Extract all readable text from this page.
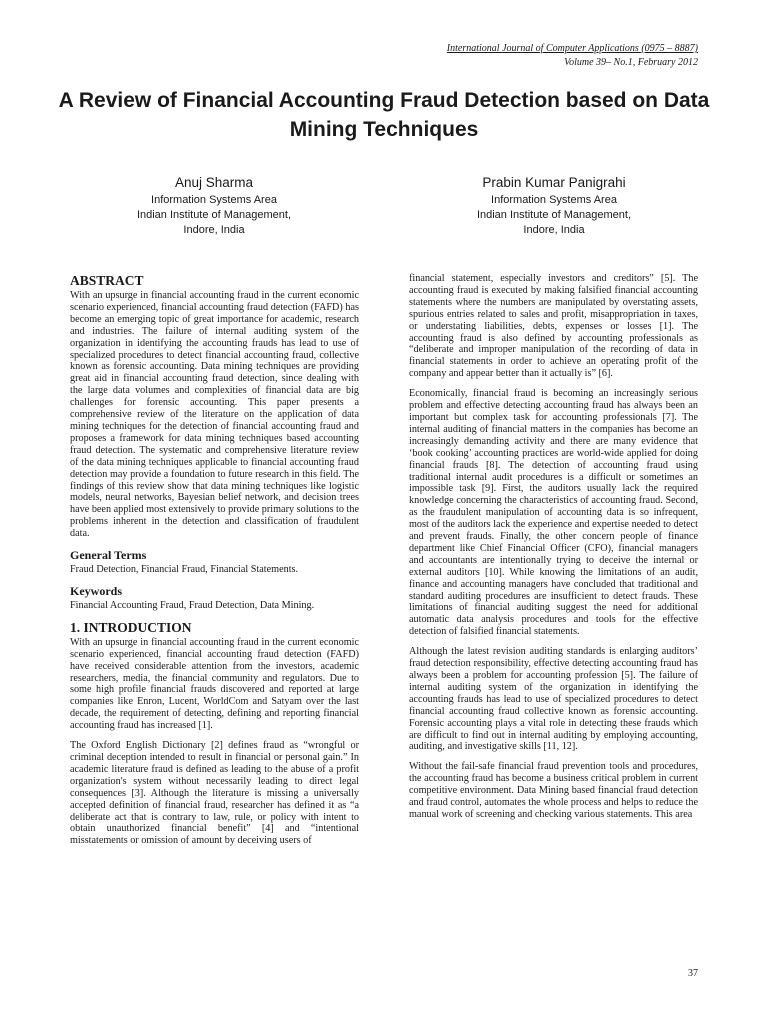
International Journal of Computer Applications (0975 – 8887)
Volume 39– No.1, February 2012
A Review of Financial Accounting Fraud Detection based on Data Mining Techniques
Anuj Sharma
Information Systems Area
Indian Institute of Management,
Indore, India
Prabin Kumar Panigrahi
Information Systems Area
Indian Institute of Management,
Indore, India
ABSTRACT

With an upsurge in financial accounting fraud in the current economic scenario experienced, financial accounting fraud detection (FAFD) has become an emerging topic of great importance for academic, research and industries. The failure of internal auditing system of the organization in identifying the accounting frauds has lead to use of specialized procedures to detect financial accounting fraud, collective known as forensic accounting. Data mining techniques are providing great aid in financial accounting fraud detection, since dealing with the large data volumes and complexities of financial data are big challenges for forensic accounting. This paper presents a comprehensive review of the literature on the application of data mining techniques for the detection of financial accounting fraud and proposes a framework for data mining techniques based accounting fraud detection. The systematic and comprehensive literature review of the data mining techniques applicable to financial accounting fraud detection may provide a foundation to future research in this field. The findings of this review show that data mining techniques like logistic models, neural networks, Bayesian belief network, and decision trees have been applied most extensively to provide primary solutions to the problems inherent in the detection and classification of fraudulent data.

General Terms

Fraud Detection, Financial Fraud, Financial Statements.

Keywords

Financial Accounting Fraud, Fraud Detection, Data Mining.

1. INTRODUCTION

With an upsurge in financial accounting fraud in the current economic scenario experienced, financial accounting fraud detection (FAFD) have received considerable attention from the investors, academic researchers, media, the financial community and regulators. Due to some high profile financial frauds discovered and reported at large companies like Enron, Lucent, WorldCom and Satyam over the last decade, the requirement of detecting, defining and reporting financial accounting fraud has increased [1].

The Oxford English Dictionary [2] defines fraud as “wrongful or criminal deception intended to result in financial or personal gain.” In academic literature fraud is defined as leading to the abuse of a profit organization's system without necessarily leading to direct legal consequences [3]. Although the literature is missing a universally accepted definition of financial fraud, researcher has defined it as “a deliberate act that is contrary to law, rule, or policy with intent to obtain unauthorized financial benefit” [4] and “intentional misstatements or omission of amount by deceiving users of

financial statement, especially investors and creditors” [5]. The accounting fraud is executed by making falsified financial accounting statements where the numbers are manipulated by overstating assets, spurious entries related to sales and profit, misappropriation in taxes, or understating liabilities, debts, expenses or losses [1]. The accounting fraud is also defined by accounting professionals as “deliberate and improper manipulation of the recording of data in financial statements in order to achieve an operating profit of the company and appear better than it actually is” [6].

Economically, financial fraud is becoming an increasingly serious problem and effective detecting accounting fraud has always been an important but complex task for accounting professionals [7]. The internal auditing of financial matters in the companies has become an increasingly demanding activity and there are many evidence that ‘book cooking’ accounting practices are world-wide applied for doing financial frauds [8]. The detection of accounting fraud using traditional internal audit procedures is a difficult or sometimes an impossible task [9]. First, the auditors usually lack the required knowledge concerning the characteristics of accounting fraud. Second, as the fraudulent manipulation of accounting data is so infrequent, most of the auditors lack the experience and expertise needed to detect and prevent frauds. Finally, the other concern people of finance department like Chief Financial Officer (CFO), financial managers and accountants are intentionally trying to deceive the internal or external auditors [10]. While knowing the limitations of an audit, finance and accounting managers have concluded that traditional and standard auditing procedures are insufficient to detect frauds. These limitations of financial auditing suggest the need for additional automatic data analysis procedures and tools for the effective detection of falsified financial statements.

Although the latest revision auditing standards is enlarging auditors’ fraud detection responsibility, effective detecting accounting fraud has always been a problem for accounting profession [5]. The failure of internal auditing system of the organization in identifying the accounting frauds has lead to use of specialized procedures to detect financial accounting fraud collective known as forensic accounting. Forensic accounting plays a vital role in detecting these frauds which are difficult to find out in internal auditing by employing accounting, auditing, and investigative skills [11, 12].

Without the fail-safe financial fraud prevention tools and procedures, the accounting fraud has become a business critical problem in current competitive environment. Data Mining based financial fraud detection and fraud control, automates the whole process and helps to reduce the manual work of screening and checking various statements. This area

37
